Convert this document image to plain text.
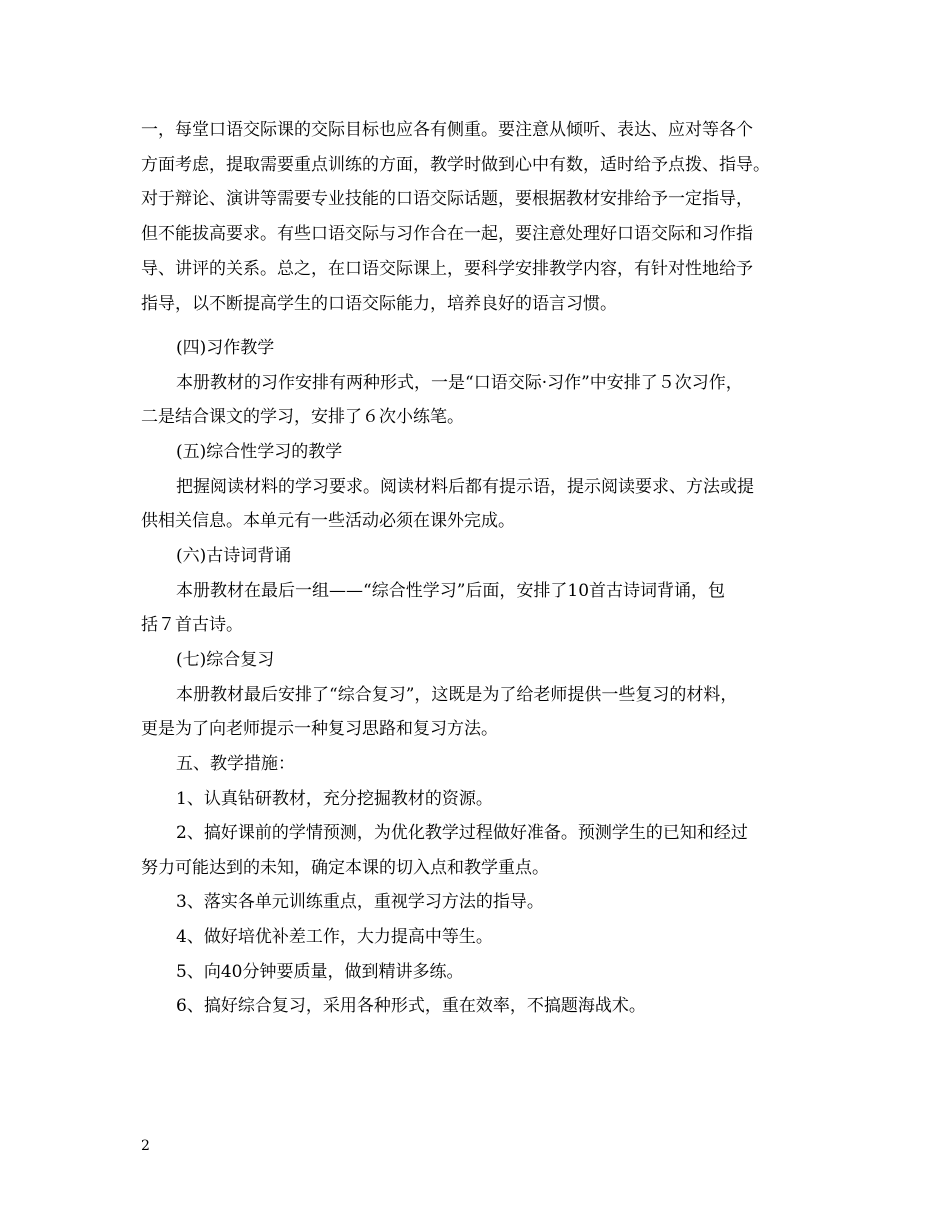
一，每堂口语交际课的交际目标也应各有侧重。要注意从倾听、表达、应对等各个
方面考虑，提取需要重点训练的方面，教学时做到心中有数，适时给予点拨、指导。
对于辩论、演讲等需要专业技能的口语交际话题，要根据教材安排给予一定指导，
但不能拔高要求。有些口语交际与习作合在一起，要注意处理好口语交际和习作指
导、讲评的关系。总之，在口语交际课上，要科学安排教学内容，有针对性地给予
指导，以不断提高学生的口语交际能力，培养良好的语言习惯。
(四)习作教学
本册教材的习作安排有两种形式，一是“口语交际·习作”中安排了５次习作，
二是结合课文的学习，安排了６次小练笔。
(五)综合性学习的教学
把握阅读材料的学习要求。阅读材料后都有提示语，提示阅读要求、方法或提
供相关信息。本单元有一些活动必须在课外完成。
(六)古诗词背诵
本册教材在最后一组——“综合性学习”后面，安排了10首古诗词背诵，包
括７首古诗。
(七)综合复习
本册教材最后安排了“综合复习”，这既是为了给老师提供一些复习的材料，
更是为了向老师提示一种复习思路和复习方法。
五、教学措施：
1、认真钻研教材，充分挖掘教材的资源。
2、搞好课前的学情预测，为优化教学过程做好准备。预测学生的已知和经过
努力可能达到的未知，确定本课的切入点和教学重点。
3、落实各单元训练重点，重视学习方法的指导。
4、做好培优补差工作，大力提高中等生。
5、向40分钟要质量，做到精讲多练。
6、搞好综合复习，采用各种形式，重在效率，不搞题海战术。
2
